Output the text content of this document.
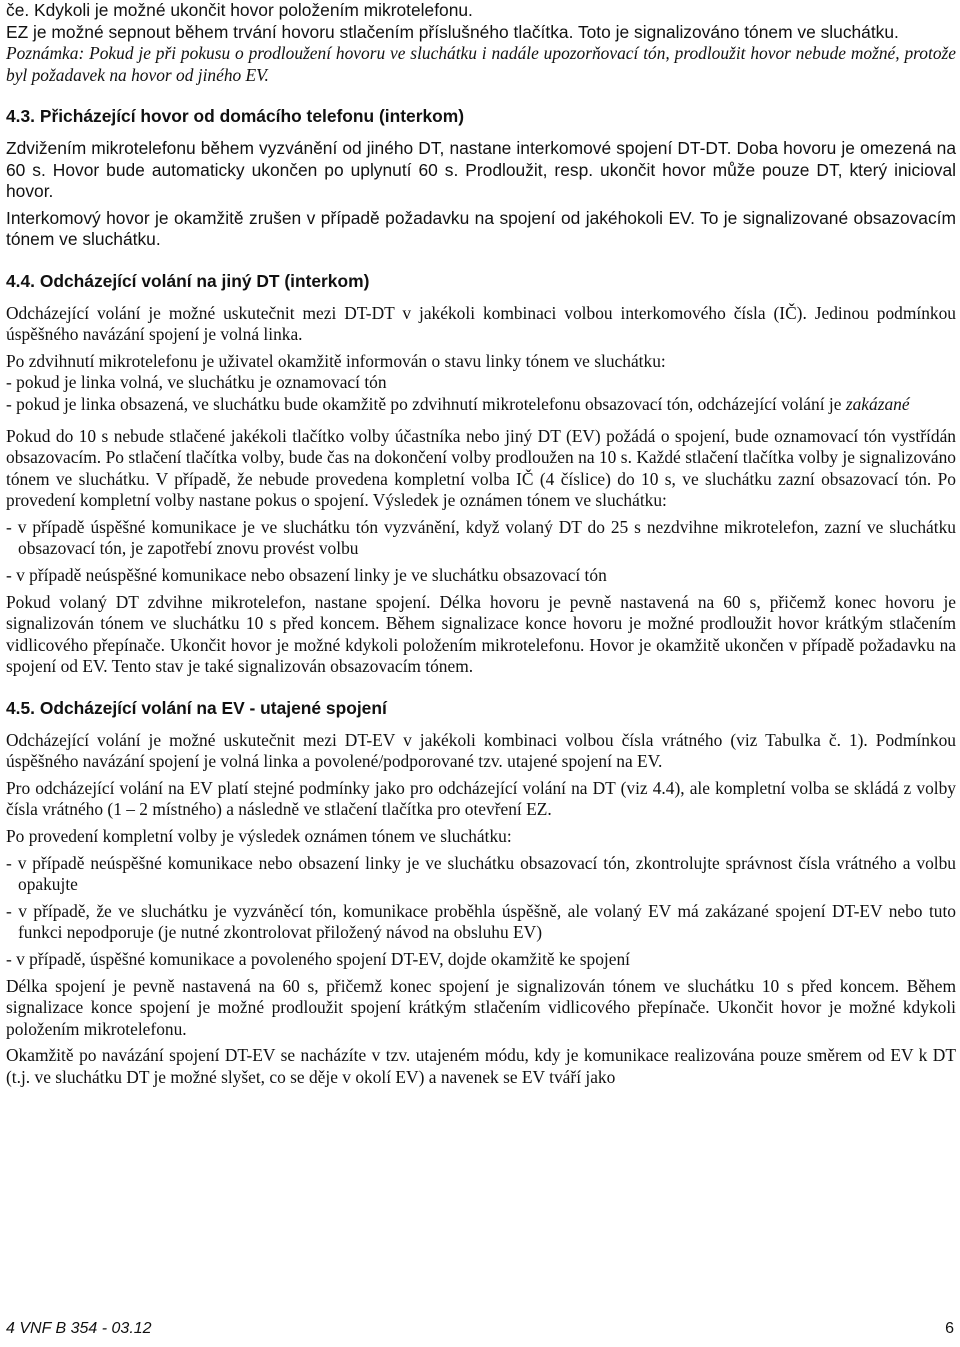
če. Kdykoli je možné ukončit hovor položením mikrotelefonu.

EZ je možné sepnout během trvání hovoru stlačením příslušného tlačítka. Toto je signalizováno tónem ve sluchátku.

Poznámka: Pokud je při pokusu o prodloužení hovoru ve sluchátku i nadále upozorňovací tón, prodloužit hovor nebude možné, protože byl požadavek na hovor od jiného EV.

4.3. Přicházející hovor od domácího telefonu (interkom)

Zdvižením mikrotelefonu během vyzvánění od jiného DT, nastane interkomové spojení DT-DT. Doba hovoru je omezená na 60 s. Hovor bude automaticky ukončen po uplynutí 60 s. Prodloužit, resp. ukončit hovor může pouze DT, který inicioval hovor.

Interkomový hovor je okamžitě zrušen v případě požadavku na spojení od jakéhokoli EV. To je signalizované obsazovacím tónem ve sluchátku.

4.4. Odcházející volání na jiný DT (interkom)

Odcházející volání je možné uskutečnit mezi DT-DT v jakékoli kombinaci volbou interkomového čísla (IČ). Jedinou podmínkou úspěšného navázání spojení je volná linka.

Po zdvihnutí mikrotelefonu je uživatel okamžitě informován o stavu linky tónem ve sluchátku:

- pokud je linka volná, ve sluchátku je oznamovací tón

- pokud je linka obsazená, ve sluchátku bude okamžitě po zdvihnutí mikrotelefonu obsazovací tón, odcházející volání je zakázané

Pokud do 10 s nebude stlačené jakékoli tlačítko volby účastníka nebo jiný DT (EV) požádá o spojení, bude oznamovací tón vystřídán obsazovacím. Po stlačení tlačítka volby, bude čas na dokončení volby prodloužen na 10 s. Každé stlačení tlačítka volby je signalizováno tónem ve sluchátku. V případě, že nebude provedena kompletní volba IČ (4 číslice) do 10 s, ve sluchátku zazní obsazovací tón. Po provedení kompletní volby nastane pokus o spojení. Výsledek je oznámen tónem ve sluchátku:

- v případě úspěšné komunikace je ve sluchátku tón vyzvánění, když volaný DT do 25 s nezdvihne mikrotelefon, zazní ve sluchátku obsazovací tón, je zapotřebí znovu provést volbu

- v případě neúspěšné komunikace nebo obsazení linky je ve sluchátku obsazovací tón

Pokud volaný DT zdvihne mikrotelefon, nastane spojení. Délka hovoru je pevně nastavená na 60 s, přičemž konec hovoru je signalizován tónem ve sluchátku 10 s před koncem. Během signalizace konce hovoru je možné prodloužit hovor krátkým stlačením vidlicového přepínače. Ukončit hovor je možné kdykoli položením mikrotelefonu. Hovor je okamžitě ukončen v případě požadavku na spojení od EV. Tento stav je také signalizován obsazovacím tónem.

4.5. Odcházející volání na EV - utajené spojení

Odcházející volání je možné uskutečnit mezi DT-EV v jakékoli kombinaci volbou čísla vrátného (viz Tabulka č. 1). Podmínkou úspěšného navázání spojení je volná linka a povolené/podporované tzv. utajené spojení na EV.

Pro odcházející volání na EV platí stejné podmínky jako pro odcházející volání na DT (viz 4.4), ale kompletní volba se skládá z volby čísla vrátného (1 – 2 místného) a následně ve stlačení tlačítka pro otevření EZ.

Po provedení kompletní volby je výsledek oznámen tónem ve sluchátku:

- v případě neúspěšné komunikace nebo obsazení linky je ve sluchátku obsazovací tón, zkontrolujte správnost čísla vrátného a volbu opakujte

- v případě, že ve sluchátku je vyzváněcí tón, komunikace proběhla úspěšně, ale volaný EV má zakázané spojení DT-EV nebo tuto funkci nepodporuje (je nutné zkontrolovat přiložený návod na obsluhu EV)

- v případě, úspěšné komunikace a povoleného spojení DT-EV, dojde okamžitě ke spojení

Délka spojení je pevně nastavená na 60 s, přičemž konec spojení je signalizován tónem ve sluchátku 10 s před koncem. Během signalizace konce spojení je možné prodloužit spojení krátkým stlačením vidlicového přepínače. Ukončit hovor je možné kdykoli položením mikrotelefonu.

Okamžitě po navázání spojení DT-EV se nacházíte v tzv. utajeném módu, kdy je komunikace realizována pouze směrem od EV k DT (t.j. ve sluchátku DT je možné slyšet, co se děje v okolí EV) a navenek se EV tváří jako

4 VNF B 354 - 03.12	6
